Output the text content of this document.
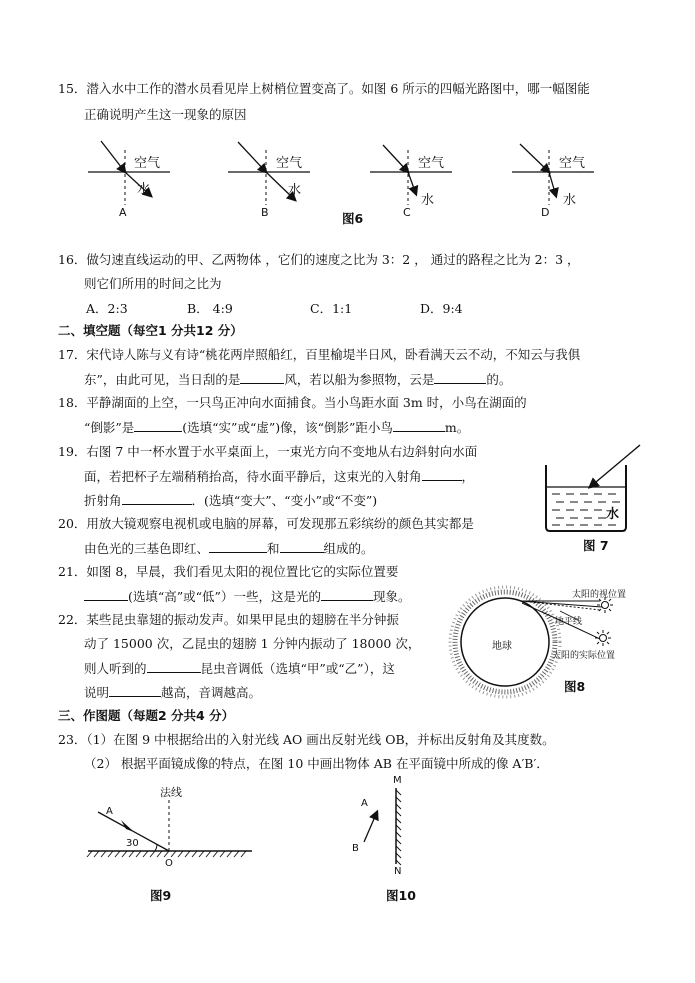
15．潜入水中工作的潜水员看见岸上树梢位置变高了。如图 6 所示的四幅光路图中，哪一幅图能
正确说明产生这一现象的原因
空气
水
A
空气
水
B
空气
水
C
空气
水
D
图6
16．做匀速直线运动的甲、乙两物体 ，它们的速度之比为 3：2 ， 通过的路程之比为 2：3 ，
则它们所用的时间之比为
A．2:3	B． 4:9	C．1:1	D．9:4
二、填空题（每空1 分共12 分）
17．宋代诗人陈与义有诗“桃花两岸照船红，百里榆堤半日风，卧看满天云不动，不知云与我俱
东”，由此可见，当日刮的是	风，若以船为参照物，云是	的。
18．平静湖面的上空，一只鸟正冲向水面捕食。当小鸟距水面 3m 时，小鸟在湖面的
“倒影”是	(选填“实”或“虚”)像，该“倒影”距小鸟	m。
19．右图 7 中一杯水置于水平桌面上，一束光方向不变地从右边斜射向水面
面，若把杯子左端稍稍抬高，待水面平静后，这束光的入射角	，
折射角	．(选填“变大”、“变小”或“不变”)
水
图 7
20．用放大镜观察电视机或电脑的屏幕，可发现那五彩缤纷的颜色其实都是
由色光的三基色即红、	和	组成的。
21．如图 8，早晨，我们看见太阳的视位置比它的实际位置要
(选填“高”或“低”）一些，这是光的	现象。	太阳的视位置
地平线
太阳的实际位置
地球
图8
22．某些昆虫靠翅的振动发声。如果甲昆虫的翅膀在半分钟振
动了 15000 次，乙昆虫的翅膀 1 分钟内振动了 18000 次，
则人听到的	昆虫音调低（选填“甲”或“乙”），这
说明	越高，音调越高。
三、作图题（每题2 分共4 分）
23．（1）在图 9 中根据给出的入射光线 AO 画出反射光线 OB，并标出反射角及其度数。
（2） 根据平面镜成像的特点，在图 10 中画出物体 AB 在平面镜中所成的像 A′B′．
法线
A
30
O
图9
M
A
B
N
图10
